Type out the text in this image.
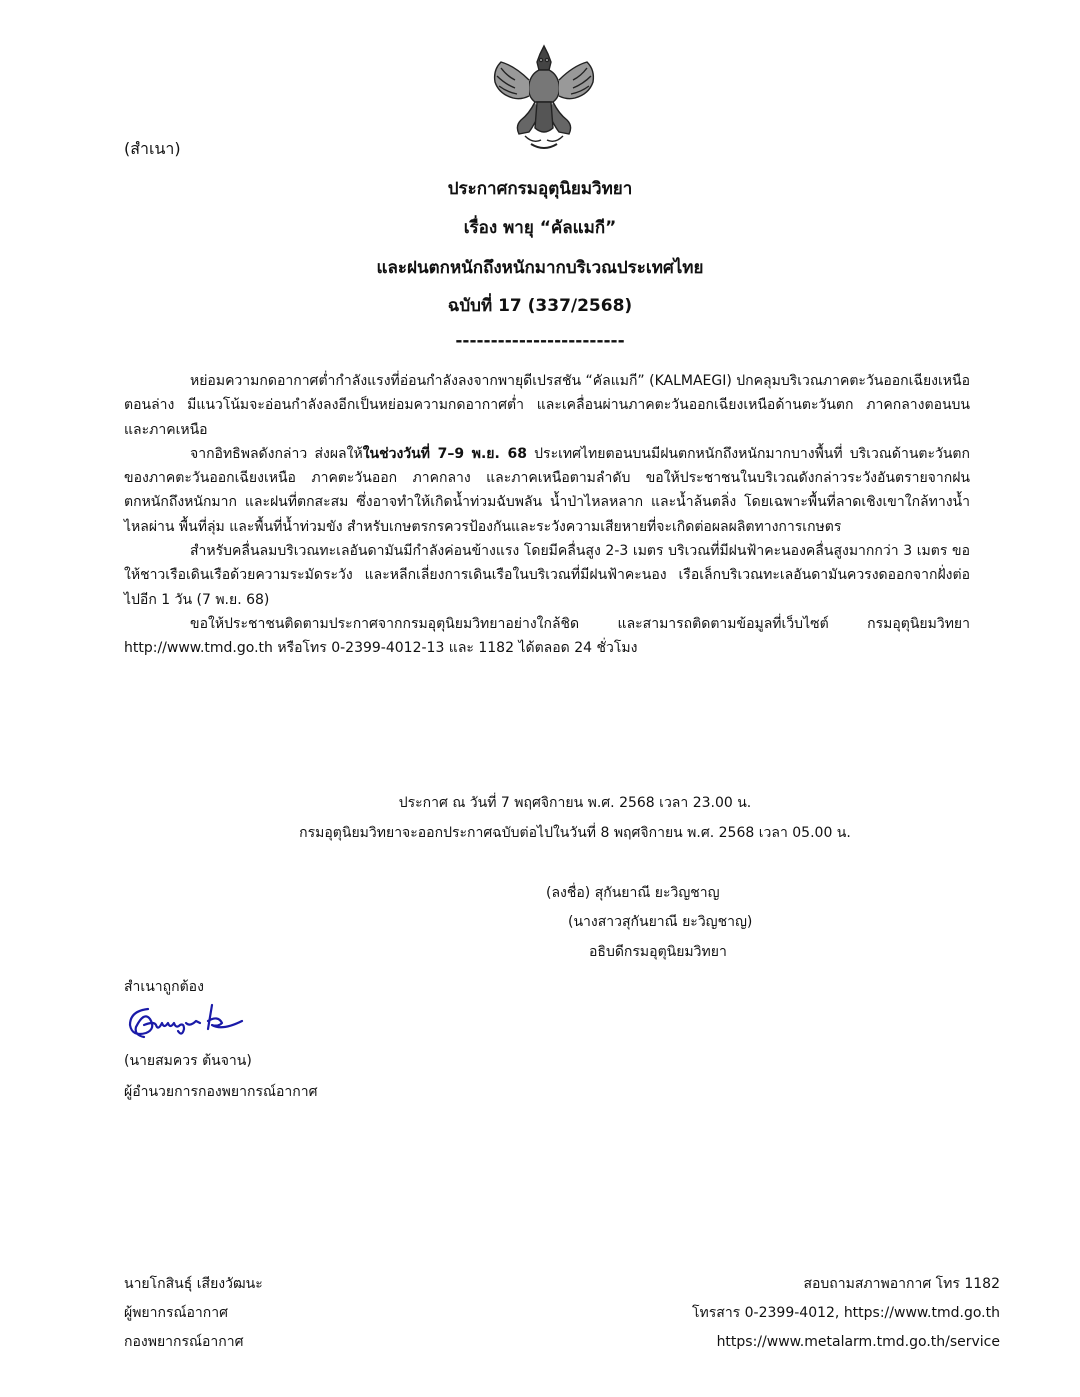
(สำเนา)
ประกาศกรมอุตุนิยมวิทยา
เรื่อง พายุ “คัลแมกี”
และฝนตกหนักถึงหนักมากบริเวณประเทศไทย
ฉบับที่ 17 (337/2568)
------------------------

หย่อมความกดอากาศต่ำกำลังแรงที่อ่อนกำลังลงจากพายุดีเปรสชัน “คัลแมกี” (KALMAEGI) ปกคลุมบริเวณภาคตะวันออกเฉียงเหนือตอนล่าง มีแนวโน้มจะอ่อนกำลังลงอีกเป็นหย่อมความกดอากาศต่ำ และเคลื่อนผ่านภาคตะวันออกเฉียงเหนือด้านตะวันตก ภาคกลางตอนบน และภาคเหนือ

จากอิทธิพลดังกล่าว ส่งผลให้ในช่วงวันที่ 7–9 พ.ย. 68 ประเทศไทยตอนบนมีฝนตกหนักถึงหนักมากบางพื้นที่ บริเวณด้านตะวันตกของภาคตะวันออกเฉียงเหนือ ภาคตะวันออก ภาคกลาง และภาคเหนือตามลำดับ ขอให้ประชาชนในบริเวณดังกล่าวระวังอันตรายจากฝนตกหนักถึงหนักมาก และฝนที่ตกสะสม ซึ่งอาจทำให้เกิดน้ำท่วมฉับพลัน น้ำป่าไหลหลาก และน้ำล้นตลิ่ง โดยเฉพาะพื้นที่ลาดเชิงเขาใกล้ทางน้ำไหลผ่าน พื้นที่ลุ่ม และพื้นที่น้ำท่วมขัง สำหรับเกษตรกรควรป้องกันและระวังความเสียหายที่จะเกิดต่อผลผลิตทางการเกษตร

สำหรับคลื่นลมบริเวณทะเลอันดามันมีกำลังค่อนข้างแรง โดยมีคลื่นสูง 2-3 เมตร บริเวณที่มีฝนฟ้าคะนองคลื่นสูงมากกว่า 3 เมตร ขอให้ชาวเรือเดินเรือด้วยความระมัดระวัง และหลีกเลี่ยงการเดินเรือในบริเวณที่มีฝนฟ้าคะนอง เรือเล็กบริเวณทะเลอันดามันควรงดออกจากฝั่งต่อไปอีก 1 วัน (7 พ.ย. 68)

ขอให้ประชาชนติดตามประกาศจากกรมอุตุนิยมวิทยาอย่างใกล้ชิด และสามารถติดตามข้อมูลที่เว็บไซต์ กรมอุตุนิยมวิทยา http://www.tmd.go.th หรือโทร 0-2399-4012-13 และ 1182 ได้ตลอด 24 ชั่วโมง

ประกาศ ณ วันที่ 7 พฤศจิกายน พ.ศ. 2568 เวลา 23.00 น.
กรมอุตุนิยมวิทยาจะออกประกาศฉบับต่อไปในวันที่ 8 พฤศจิกายน พ.ศ. 2568 เวลา 05.00 น.
(ลงชื่อ) สุกันยาณี ยะวิญชาญ
(นางสาวสุกันยาณี ยะวิญชาญ)
อธิบดีกรมอุตุนิยมวิทยา
สำเนาถูกต้อง
(นายสมควร ต้นจาน)
ผู้อำนวยการกองพยากรณ์อากาศ
นายโกสินธุ์ เสียงวัฒนะ
ผู้พยากรณ์อากาศ
กองพยากรณ์อากาศ
สอบถามสภาพอากาศ โทร 1182
โทรสาร 0-2399-4012, https://www.tmd.go.th
https://www.metalarm.tmd.go.th/service
